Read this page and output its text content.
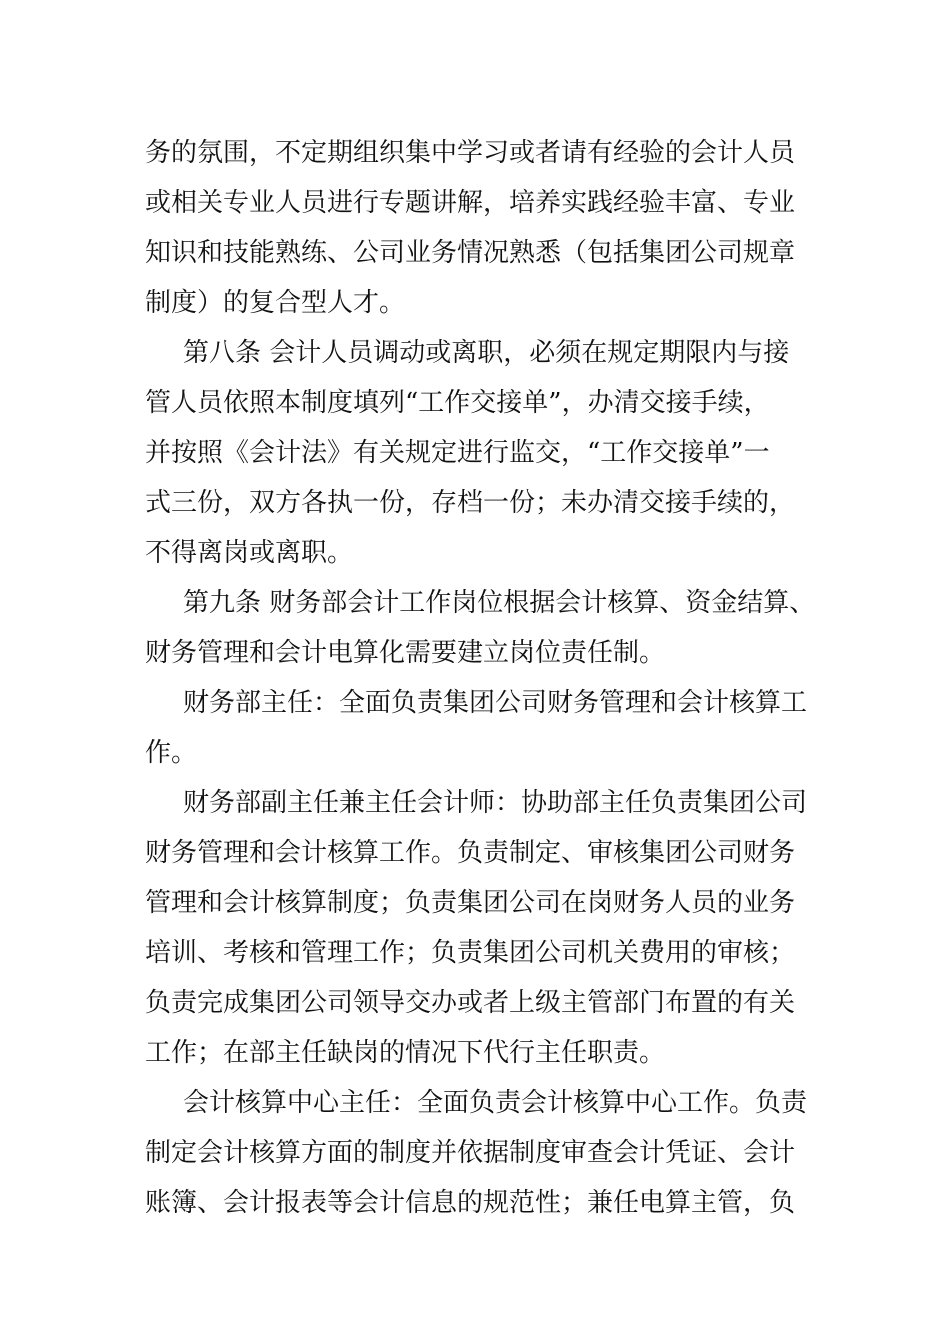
务的氛围，不定期组织集中学习或者请有经验的会计人员
或相关专业人员进行专题讲解，培养实践经验丰富、专业
知识和技能熟练、公司业务情况熟悉（包括集团公司规章
制度）的复合型人才。
第八条 会计人员调动或离职，必须在规定期限内与接
管人员依照本制度填列“工作交接单”，办清交接手续，
并按照《会计法》有关规定进行监交，“工作交接单”一
式三份，双方各执一份，存档一份；未办清交接手续的，
不得离岗或离职。
第九条 财务部会计工作岗位根据会计核算、资金结算、
财务管理和会计电算化需要建立岗位责任制。
财务部主任：全面负责集团公司财务管理和会计核算工
作。
财务部副主任兼主任会计师：协助部主任负责集团公司
财务管理和会计核算工作。负责制定、审核集团公司财务
管理和会计核算制度；负责集团公司在岗财务人员的业务
培训、考核和管理工作；负责集团公司机关费用的审核；
负责完成集团公司领导交办或者上级主管部门布置的有关
工作；在部主任缺岗的情况下代行主任职责。
会计核算中心主任：全面负责会计核算中心工作。负责
制定会计核算方面的制度并依据制度审查会计凭证、会计
账簿、会计报表等会计信息的规范性；兼任电算主管，负
